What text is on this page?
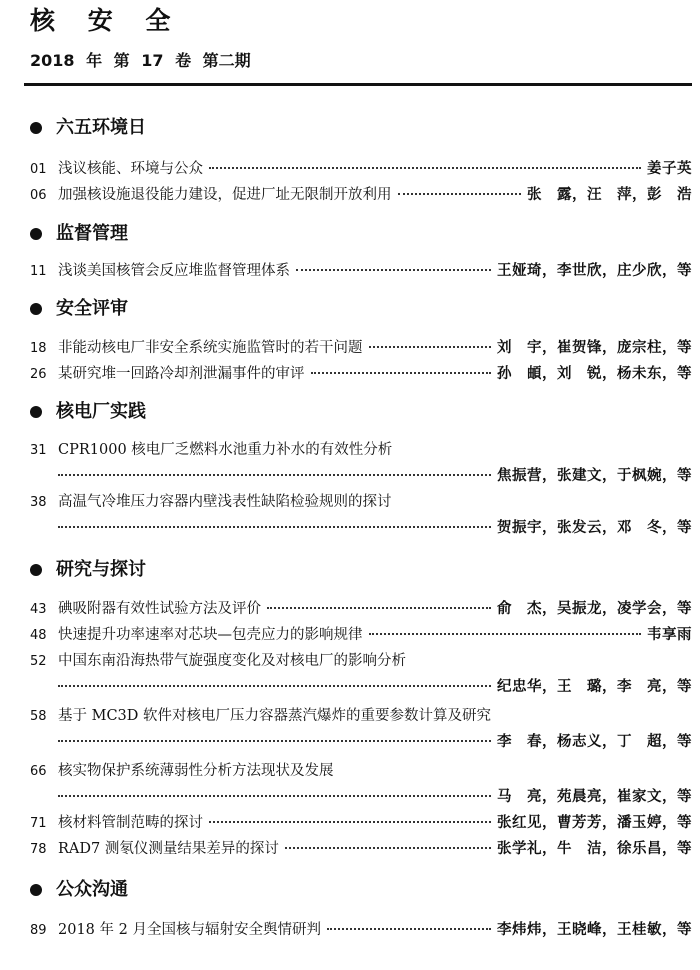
核 安 全
2018 年 第 17 卷 第二期
六五环境日
01 浅议核能、环境与公众	姜子英
06 加强核设施退役能力建设，促进厂址无限制开放利用	张　露，汪　萍，彭　浩
监督管理
11 浅谈美国核管会反应堆监督管理体系	王娅琦，李世欣，庄少欣，等
安全评审
18 非能动核电厂非安全系统实施监管时的若干问题	刘　宇，崔贺锋，庞宗柱，等
26 某研究堆一回路冷却剂泄漏事件的审评	孙　頔，刘　锐，杨未东，等
核电厂实践
31 CPR1000 核电厂乏燃料水池重力补水的有效性分析
焦振营，张建文，于枫婉，等
38 高温气冷堆压力容器内壁浅表性缺陷检验规则的探讨
贺振宇，张发云，邓　冬，等
研究与探讨
43 碘吸附器有效性试验方法及评价	俞　杰，吴振龙，凌学会，等
48 快速提升功率速率对芯块—包壳应力的影响规律	韦享雨
52 中国东南沿海热带气旋强度变化及对核电厂的影响分析
纪忠华，王　璐，李　亮，等
58 基于 MC3D 软件对核电厂压力容器蒸汽爆炸的重要参数计算及研究
李　春，杨志义，丁　超，等
66 核实物保护系统薄弱性分析方法现状及发展
马　亮，苑晨亮，崔家文，等
71 核材料管制范畴的探讨	张红见，曹芳芳，潘玉婷，等
78 RAD7 测氡仪测量结果差异的探讨	张学礼，牛　洁，徐乐昌，等
公众沟通
89 2018 年 2 月全国核与辐射安全舆情研判	李炜炜，王晓峰，王桂敏，等
